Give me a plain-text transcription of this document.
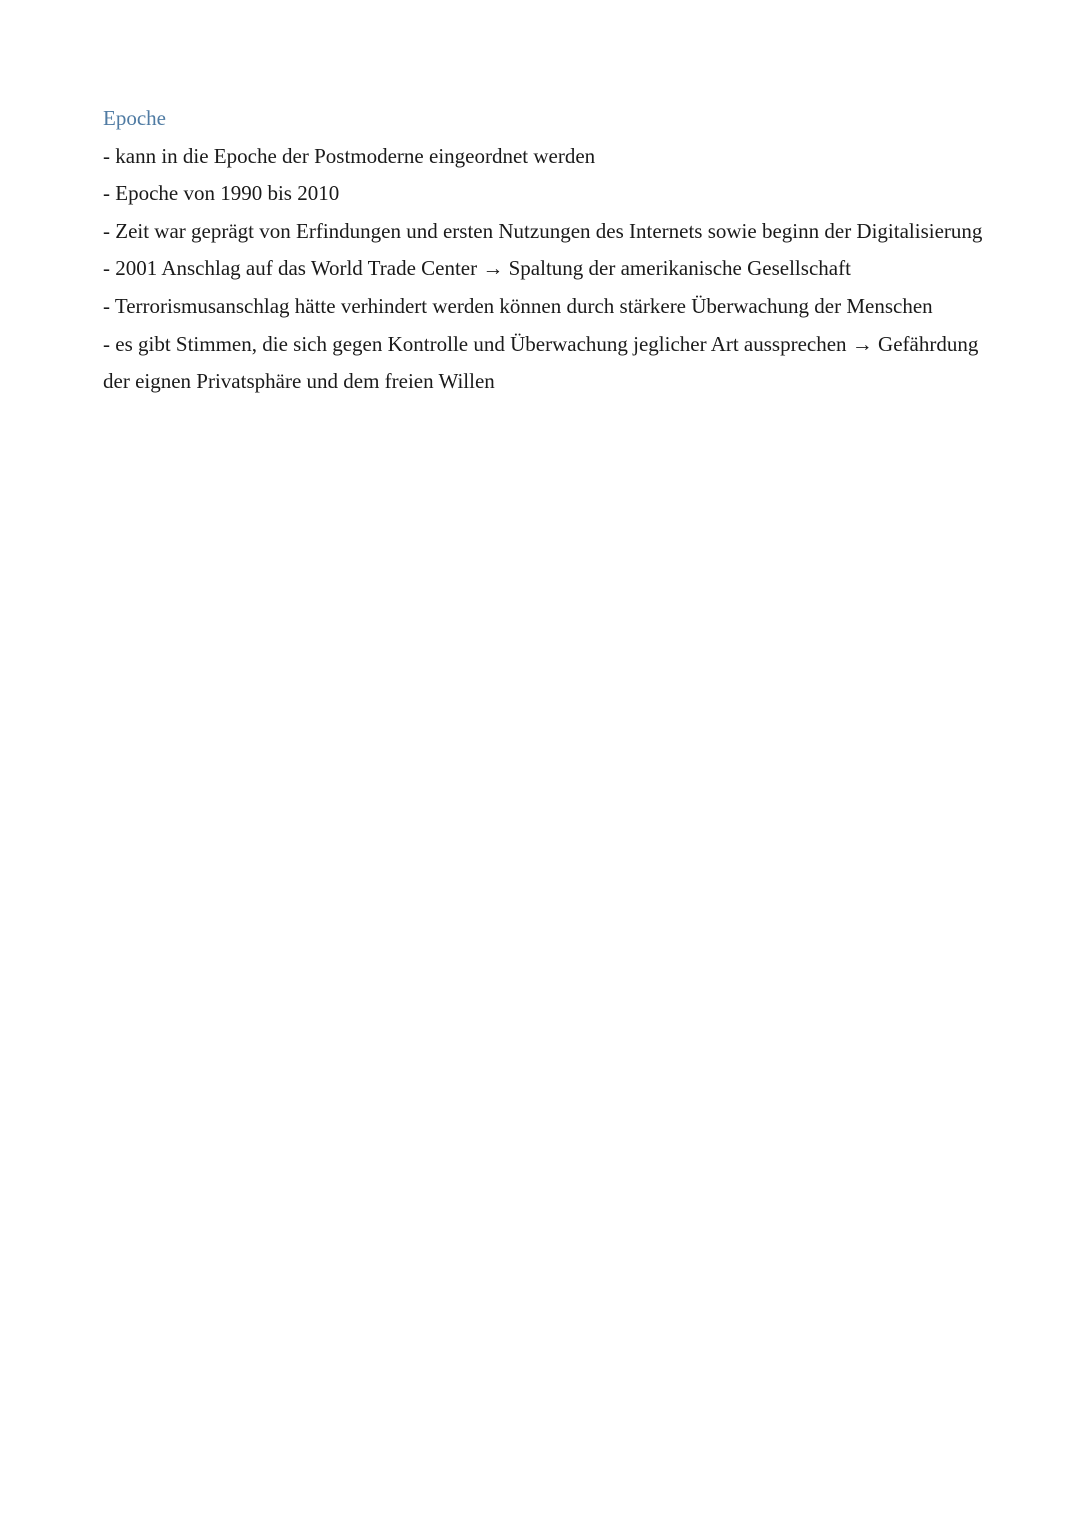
Epoche

- kann in die Epoche der Postmoderne eingeordnet werden

- Epoche von 1990 bis 2010

- Zeit war geprägt von Erfindungen und ersten Nutzungen des Internets sowie beginn der Digitalisierung

- 2001 Anschlag auf das World Trade Center → Spaltung der amerikanische Gesellschaft

- Terrorismusanschlag hätte verhindert werden können durch stärkere Überwachung der Menschen

- es gibt Stimmen, die sich gegen Kontrolle und Überwachung jeglicher Art aussprechen → Gefährdung der eignen Privatsphäre und dem freien Willen
